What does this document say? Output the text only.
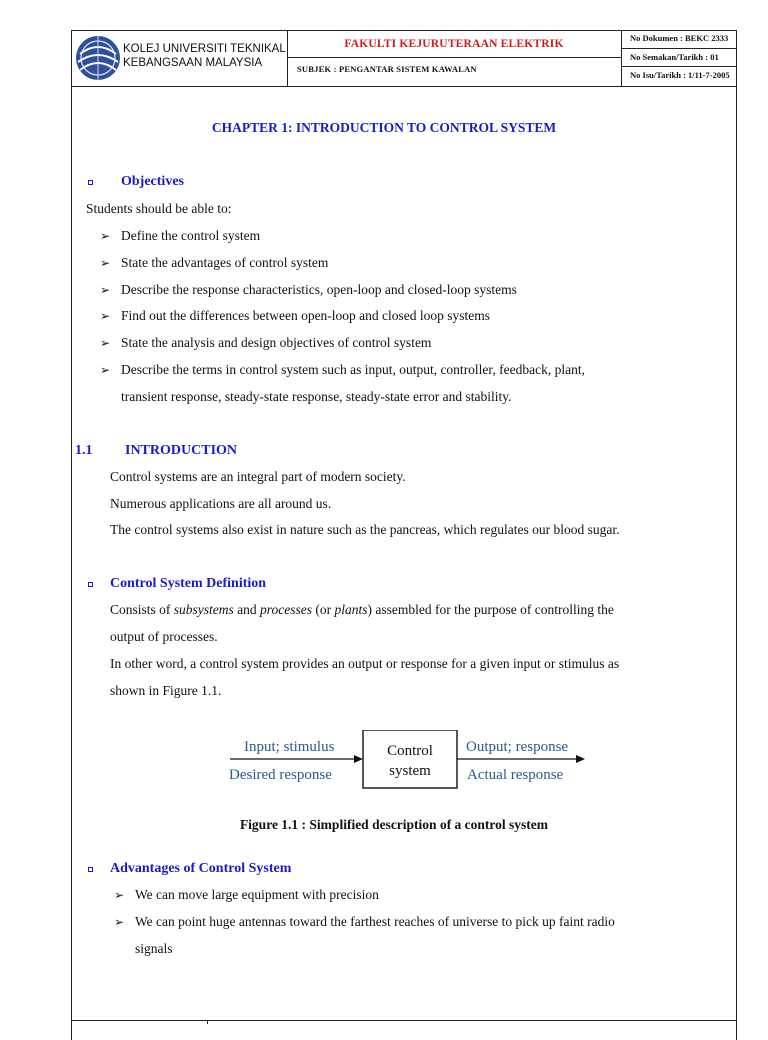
KOLEJ UNIVERSITI TEKNIKAL
KEBANGSAAN MALAYSIA
FAKULTI KEJURUTERAAN ELEKTRIK
SUBJEK : PENGANTAR SISTEM KAWALAN
No Dokumen : BEKC 2333
No Semakan/Tarikh : 01
No Isu/Tarikh : 1/11-7-2005

CHAPTER 1: INTRODUCTION TO CONTROL SYSTEM

Objectives

Students should be able to:

➢ Define the control system

➢ State the advantages of control system

➢ Describe the response characteristics, open-loop and closed-loop systems

➢ Find out the differences between open-loop and closed loop systems

➢ State the analysis and design objectives of control system

➢ Describe the terms in control system such as input, output, controller, feedback, plant,

transient response, steady-state response, steady-state error and stability.

1.1 INTRODUCTION

Control systems are an integral part of modern society.

Numerous applications are all around us.

The control systems also exist in nature such as the pancreas, which regulates our blood sugar.

Control System Definition

Consists of subsystems and processes (or plants) assembled for the purpose of controlling the

output of processes.

In other word, a control system provides an output or response for a given input or stimulus as

shown in Figure 1.1.

Input; stimulus
Desired response
Control
system
Output; response
Actual response

Figure 1.1 : Simplified description of a control system

Advantages of Control System

➢ We can move large equipment with precision

➢ We can point huge antennas toward the farthest reaches of universe to pick up faint radio

signals
